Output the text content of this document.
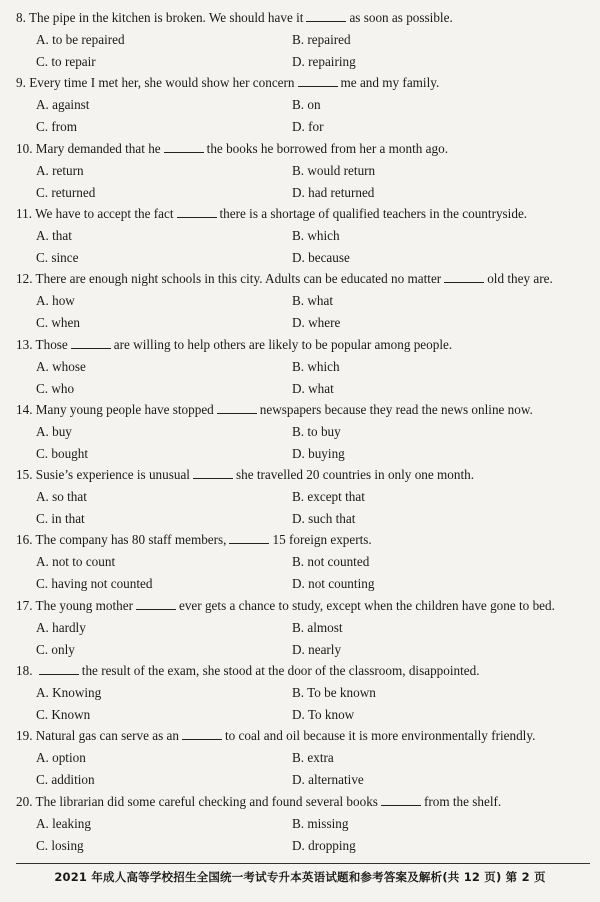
8. The pipe in the kitchen is broken. We should have it	as soon as possible.
A. to be repaired	B. repaired
C. to repair	D. repairing
9. Every time I met her, she would show her concern	me and my family.
A. against	B. on
C. from	D. for
10. Mary demanded that he	the books he borrowed from her a month ago.
A. return	B. would return
C. returned	D. had returned
11. We have to accept the fact	there is a shortage of qualified teachers in the countryside.
A. that	B. which
C. since	D. because
12. There are enough night schools in this city. Adults can be educated no matter	old they are.
A. how	B. what
C. when	D. where
13. Those	are willing to help others are likely to be popular among people.
A. whose	B. which
C. who	D. what
14. Many young people have stopped	newspapers because they read the news online now.
A. buy	B. to buy
C. bought	D. buying
15. Susie’s experience is unusual	she travelled 20 countries in only one month.
A. so that	B. except that
C. in that	D. such that
16. The company has 80 staff members,	15 foreign experts.
A. not to count	B. not counted
C. having not counted	D. not counting
17. The young mother	ever gets a chance to study, except when the children have gone to bed.
A. hardly	B. almost
C. only	D. nearly
18.	the result of the exam, she stood at the door of the classroom, disappointed.
A. Knowing	B. To be known
C. Known	D. To know
19. Natural gas can serve as an	to coal and oil because it is more environmentally friendly.
A. option	B. extra
C. addition	D. alternative
20. The librarian did some careful checking and found several books	from the shelf.
A. leaking	B. missing
C. losing	D. dropping
2021 年成人高等学校招生全国统一考试专升本英语试题和参考答案及解析(共 12 页) 第 2 页
